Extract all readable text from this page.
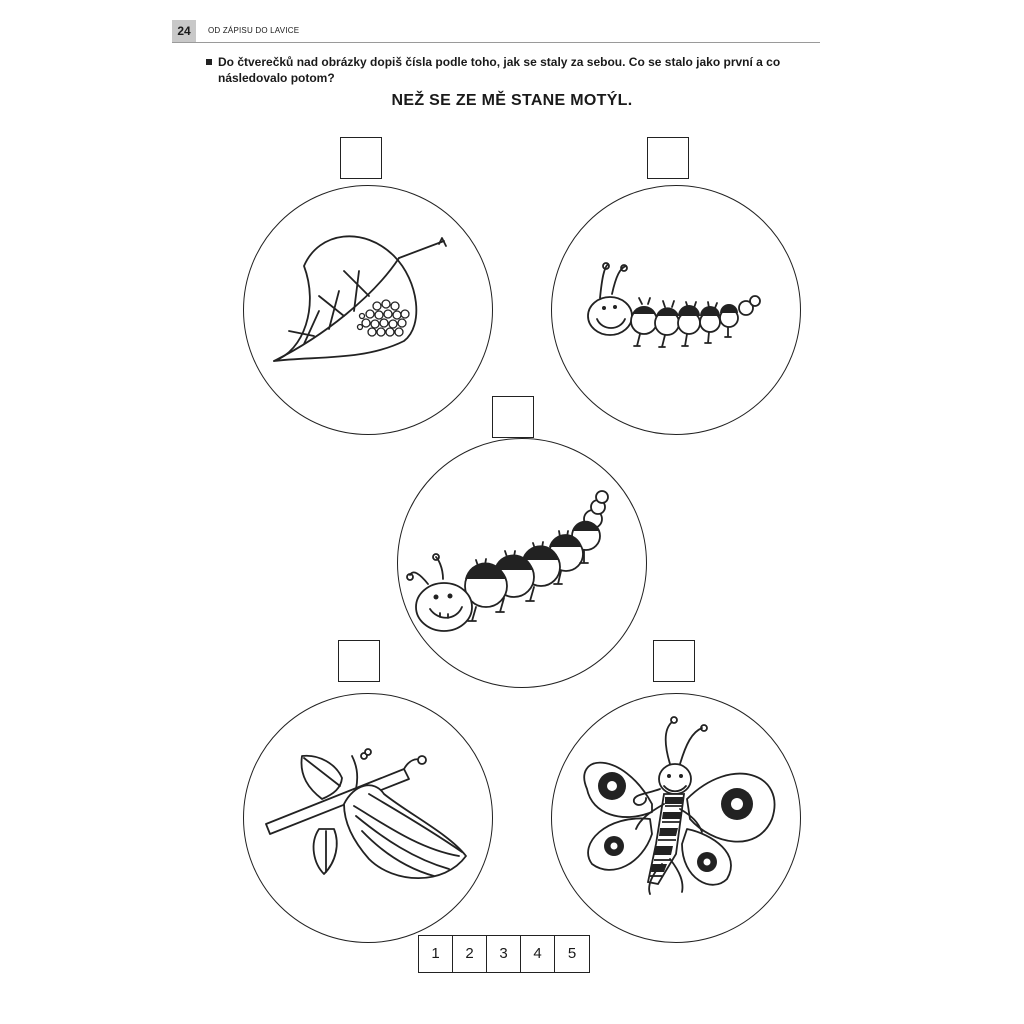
24	OD ZÁPISU DO LAVICE
Do čtverečků nad obrázky dopiš čísla podle toho, jak se staly za sebou. Co se stalo jako první a co
následovalo potom?
NEŽ SE ZE MĚ STANE MOTÝL.
1	2	3	4	5
